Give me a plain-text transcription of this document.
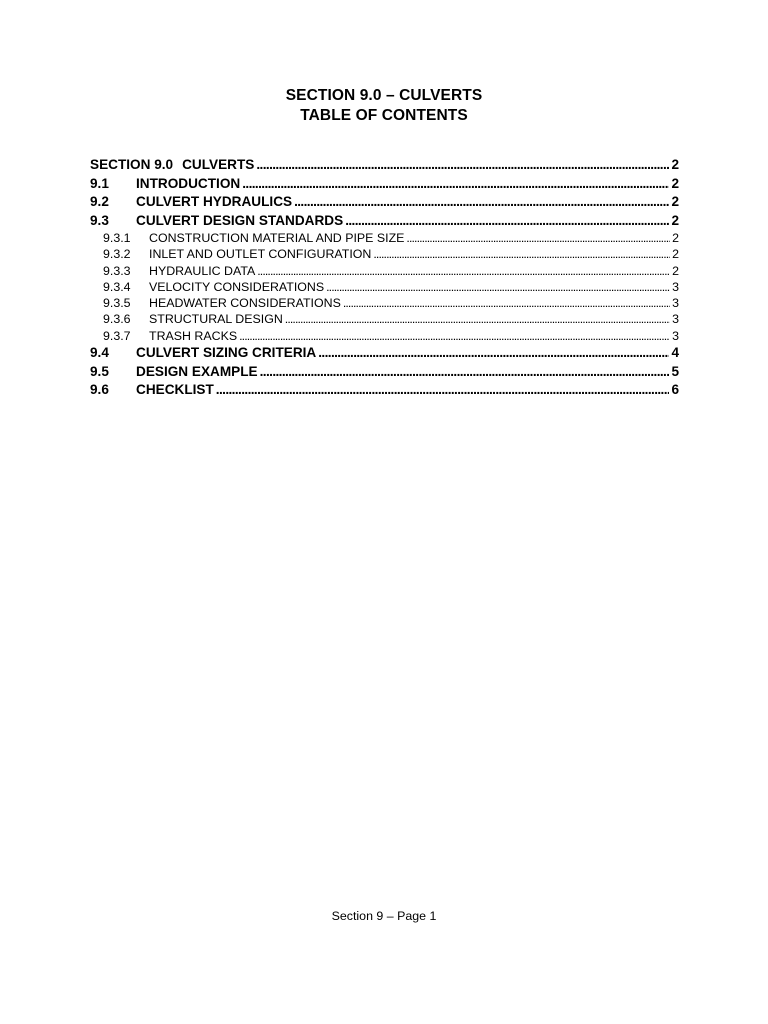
SECTION 9.0 – CULVERTS
TABLE OF CONTENTS
SECTION 9.0 CULVERTS .....	2
9.1	INTRODUCTION .....	2
9.2	CULVERT HYDRAULICS .....	2
9.3	CULVERT DESIGN STANDARDS .....	2
9.3.1	CONSTRUCTION MATERIAL AND PIPE SIZE .....	2
9.3.2	INLET AND OUTLET CONFIGURATION .....	2
9.3.3	HYDRAULIC DATA .....	2
9.3.4	VELOCITY CONSIDERATIONS .....	3
9.3.5	HEADWATER CONSIDERATIONS .....	3
9.3.6	STRUCTURAL DESIGN .....	3
9.3.7	TRASH RACKS .....	3
9.4	CULVERT SIZING CRITERIA .....	4
9.5	DESIGN EXAMPLE .....	5
9.6	CHECKLIST .....	6
Section 9 – Page 1
